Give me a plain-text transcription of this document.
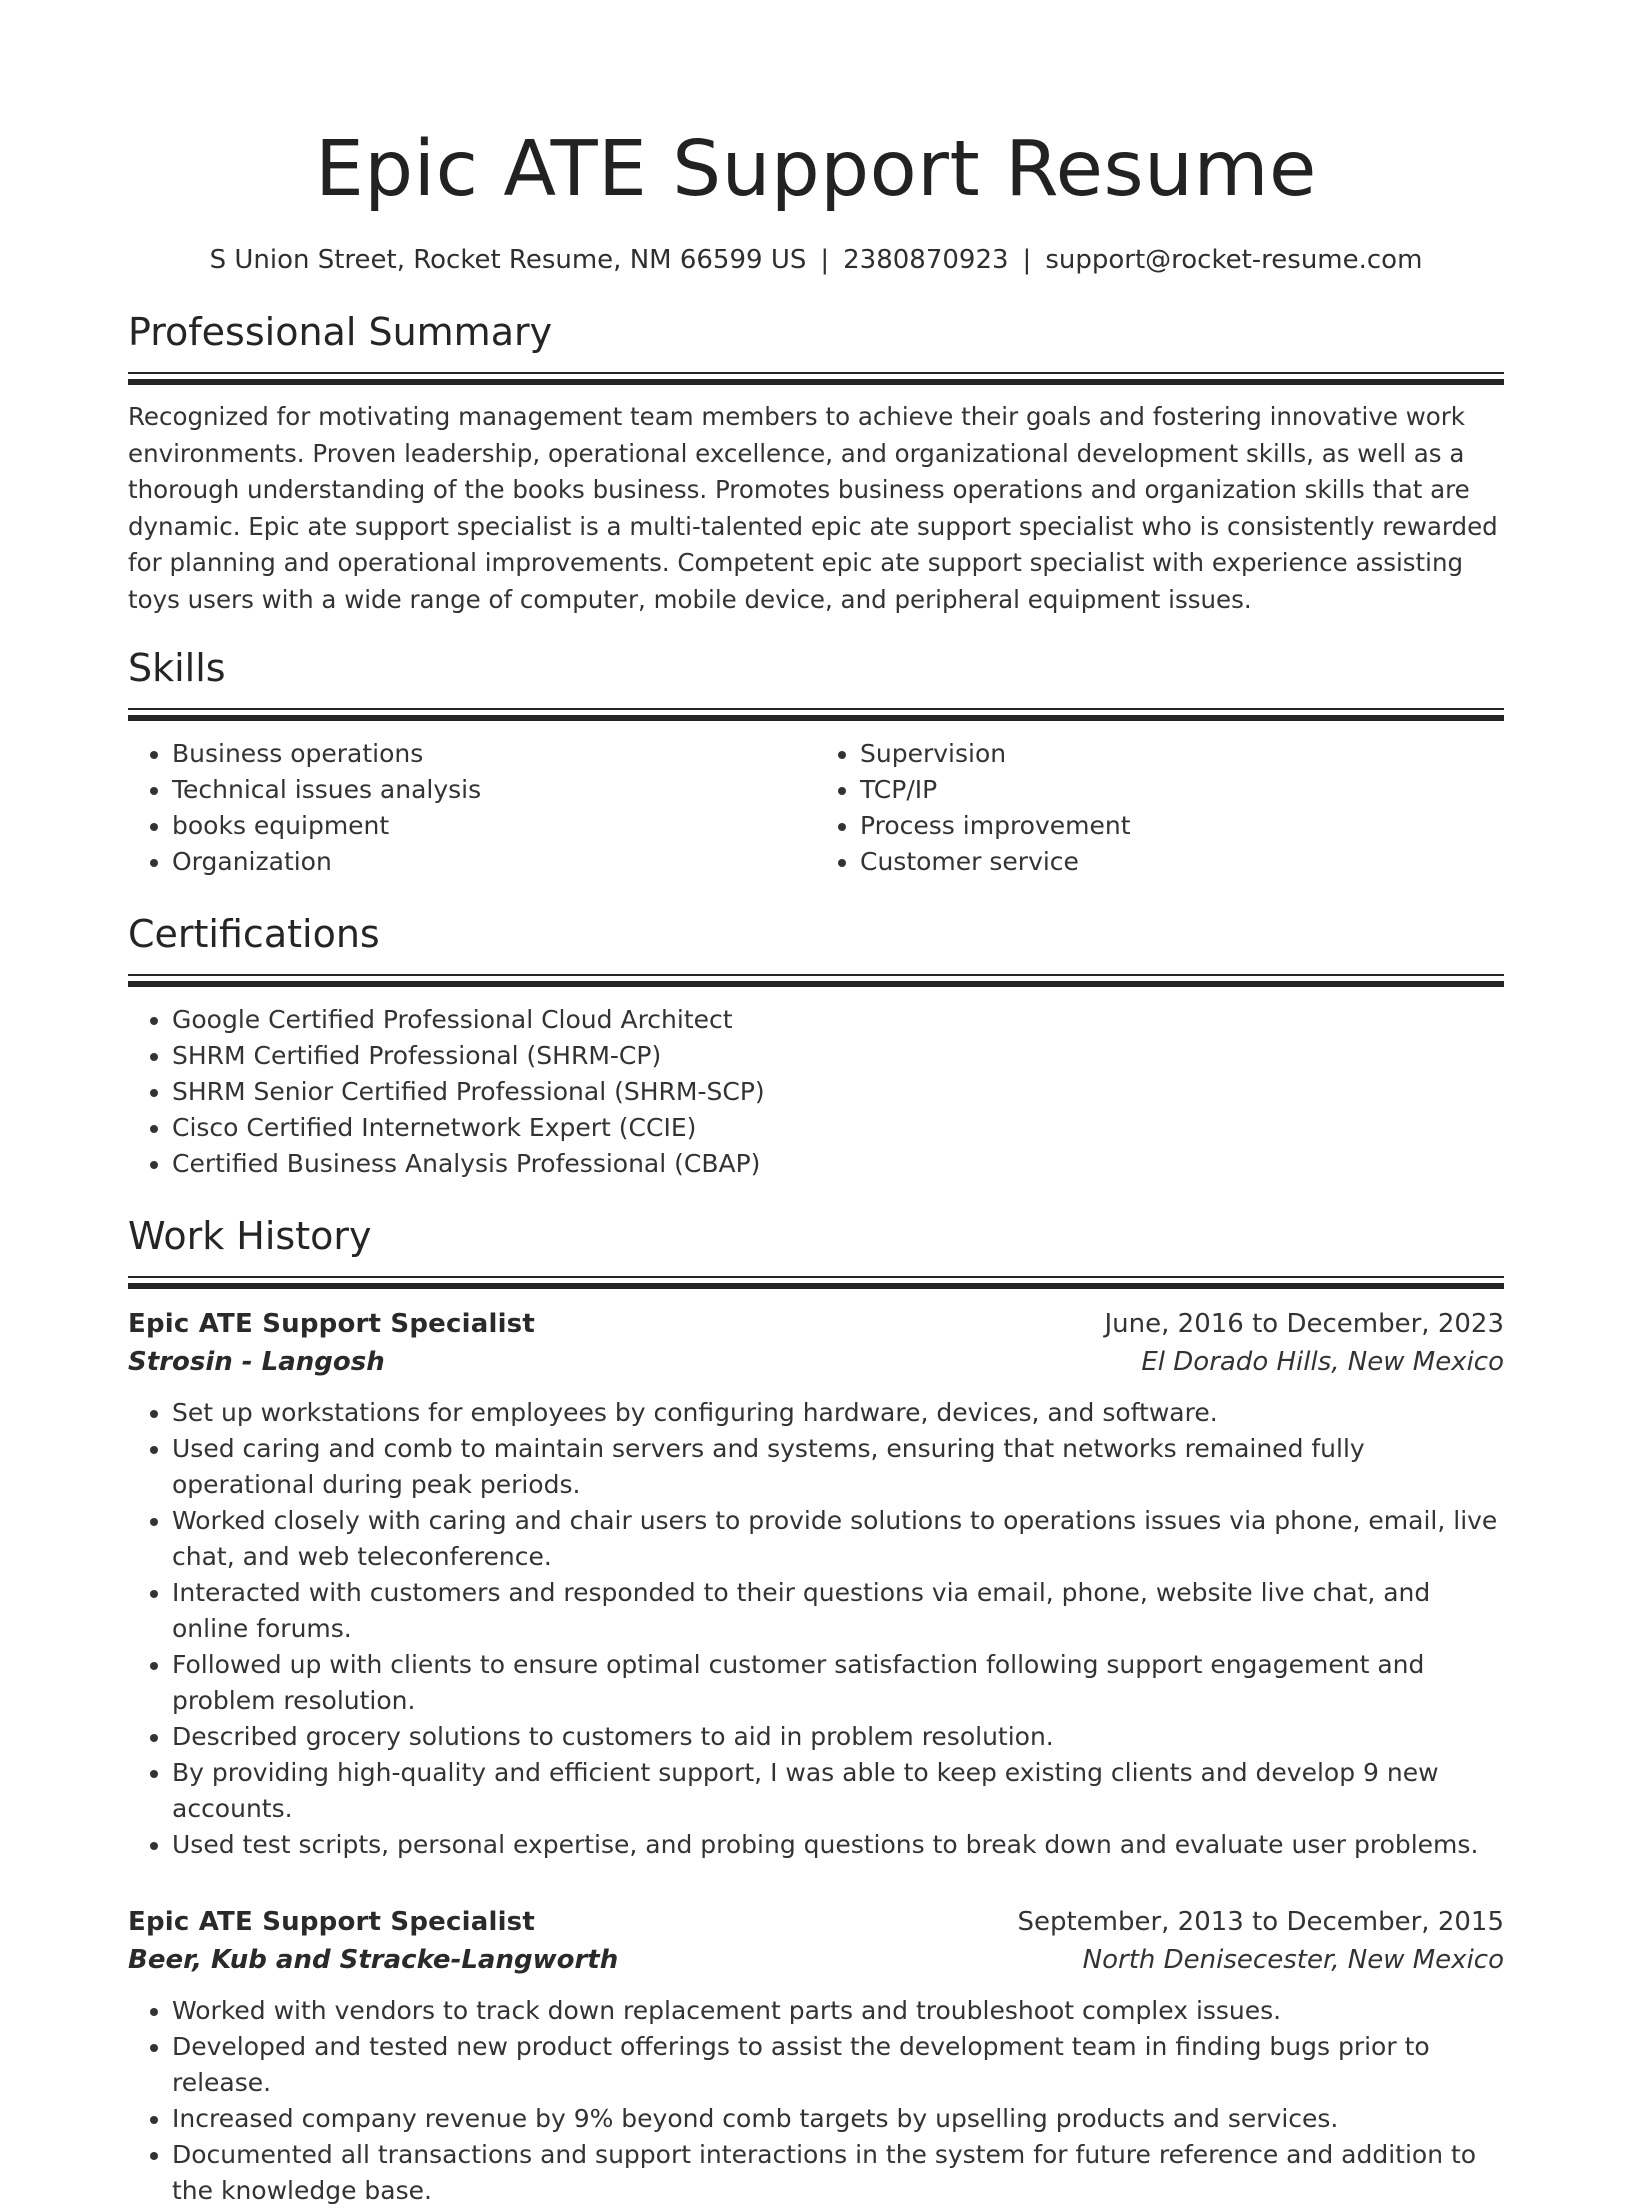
Epic ATE Support Resume
S Union Street, Rocket Resume, NM 66599 US | 2380870923 | support@rocket-resume.com
Professional Summary

Recognized for motivating management team members to achieve their goals and fostering innovative work environments. Proven leadership, operational excellence, and organizational development skills, as well as a thorough understanding of the books business. Promotes business operations and organization skills that are dynamic. Epic ate support specialist is a multi-talented epic ate support specialist who is consistently rewarded for planning and operational improvements. Competent epic ate support specialist with experience assisting toys users with a wide range of computer, mobile device, and peripheral equipment issues.

Skills
• Business operations
• Technical issues analysis
• books equipment
• Organization
• Supervision
• TCP/IP
• Process improvement
• Customer service
Certifications
• Google Certified Professional Cloud Architect
• SHRM Certified Professional (SHRM-CP)
• SHRM Senior Certified Professional (SHRM-SCP)
• Cisco Certified Internetwork Expert (CCIE)
• Certified Business Analysis Professional (CBAP)
Work History
Epic ATE Support Specialist	June, 2016 to December, 2023
Strosin - Langosh	El Dorado Hills, New Mexico
• Set up workstations for employees by configuring hardware, devices, and software.
• Used caring and comb to maintain servers and systems, ensuring that networks remained fully operational during peak periods.
• Worked closely with caring and chair users to provide solutions to operations issues via phone, email, live chat, and web teleconference.
• Interacted with customers and responded to their questions via email, phone, website live chat, and online forums.
• Followed up with clients to ensure optimal customer satisfaction following support engagement and problem resolution.
• Described grocery solutions to customers to aid in problem resolution.
• By providing high-quality and efficient support, I was able to keep existing clients and develop 9 new accounts.
• Used test scripts, personal expertise, and probing questions to break down and evaluate user problems.
Epic ATE Support Specialist	September, 2013 to December, 2015
Beer, Kub and Stracke-Langworth	North Denisecester, New Mexico
• Worked with vendors to track down replacement parts and troubleshoot complex issues.
• Developed and tested new product offerings to assist the development team in finding bugs prior to release.
• Increased company revenue by 9% beyond comb targets by upselling products and services.
• Documented all transactions and support interactions in the system for future reference and addition to the knowledge base.
